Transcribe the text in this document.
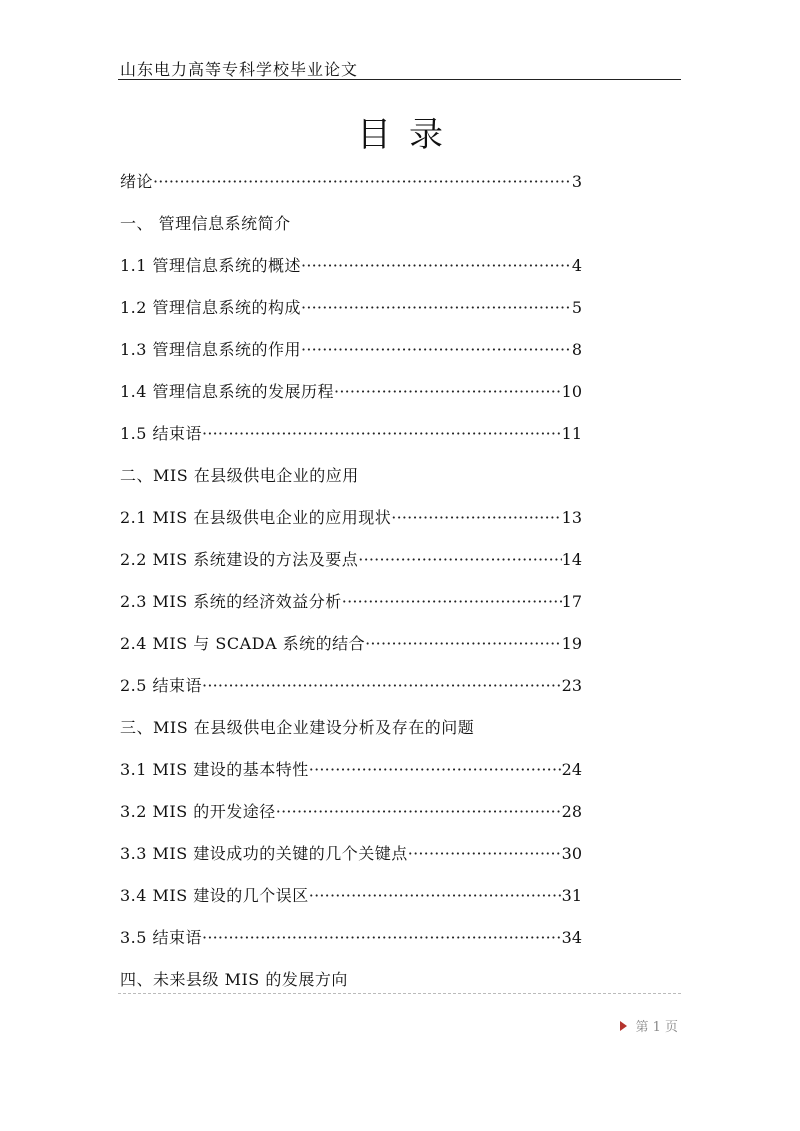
山东电力高等专科学校毕业论文
目录
绪论 ·····	3
一、 管理信息系统简介
1.1 管理信息系统的概述 ·····	4
1.2 管理信息系统的构成 ·····	5
1.3 管理信息系统的作用 ·····	8
1.4 管理信息系统的发展历程 ·····	10
1.5 结束语 ·····	11
二、MIS 在县级供电企业的应用
2.1 MIS 在县级供电企业的应用现状 ·····	13
2.2 MIS 系统建设的方法及要点 ·····	14
2.3 MIS 系统的经济效益分析 ·····	17
2.4 MIS 与 SCADA 系统的结合 ·····	19
2.5 结束语 ·····	23
三、MIS 在县级供电企业建设分析及存在的问题
3.1 MIS 建设的基本特性 ·····	24
3.2 MIS 的开发途径 ·····	28
3.3 MIS 建设成功的关键的几个关键点 ·····	30
3.4 MIS 建设的几个误区 ·····	31
3.5 结束语 ·····	34
四、未来县级 MIS 的发展方向
第 1 页
